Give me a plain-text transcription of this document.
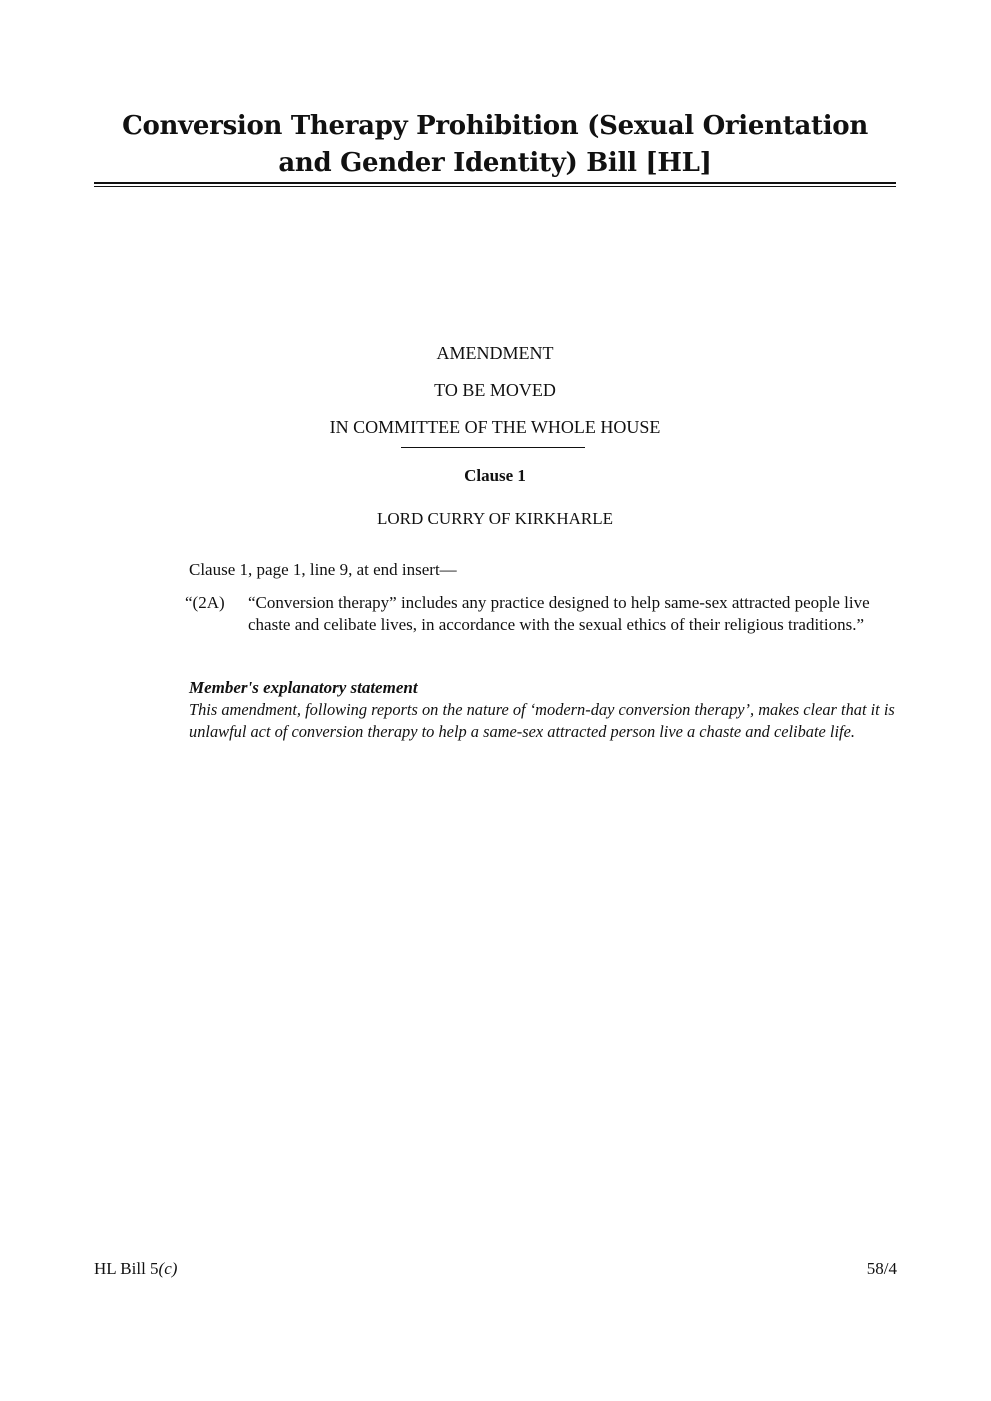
Conversion Therapy Prohibition (Sexual Orientation and Gender Identity) Bill [HL]
AMENDMENT
TO BE MOVED
IN COMMITTEE OF THE WHOLE HOUSE
Clause 1
LORD CURRY OF KIRKHARLE
Clause 1, page 1, line 9, at end insert—
“(2A)	“Conversion therapy” includes any practice designed to help same-sex attracted people live chaste and celibate lives, in accordance with the sexual ethics of their religious traditions.”
Member's explanatory statement
This amendment, following reports on the nature of ‘modern-day conversion therapy’, makes clear that it is unlawful act of conversion therapy to help a same-sex attracted person live a chaste and celibate life.
HL Bill 5(c)	58/4
